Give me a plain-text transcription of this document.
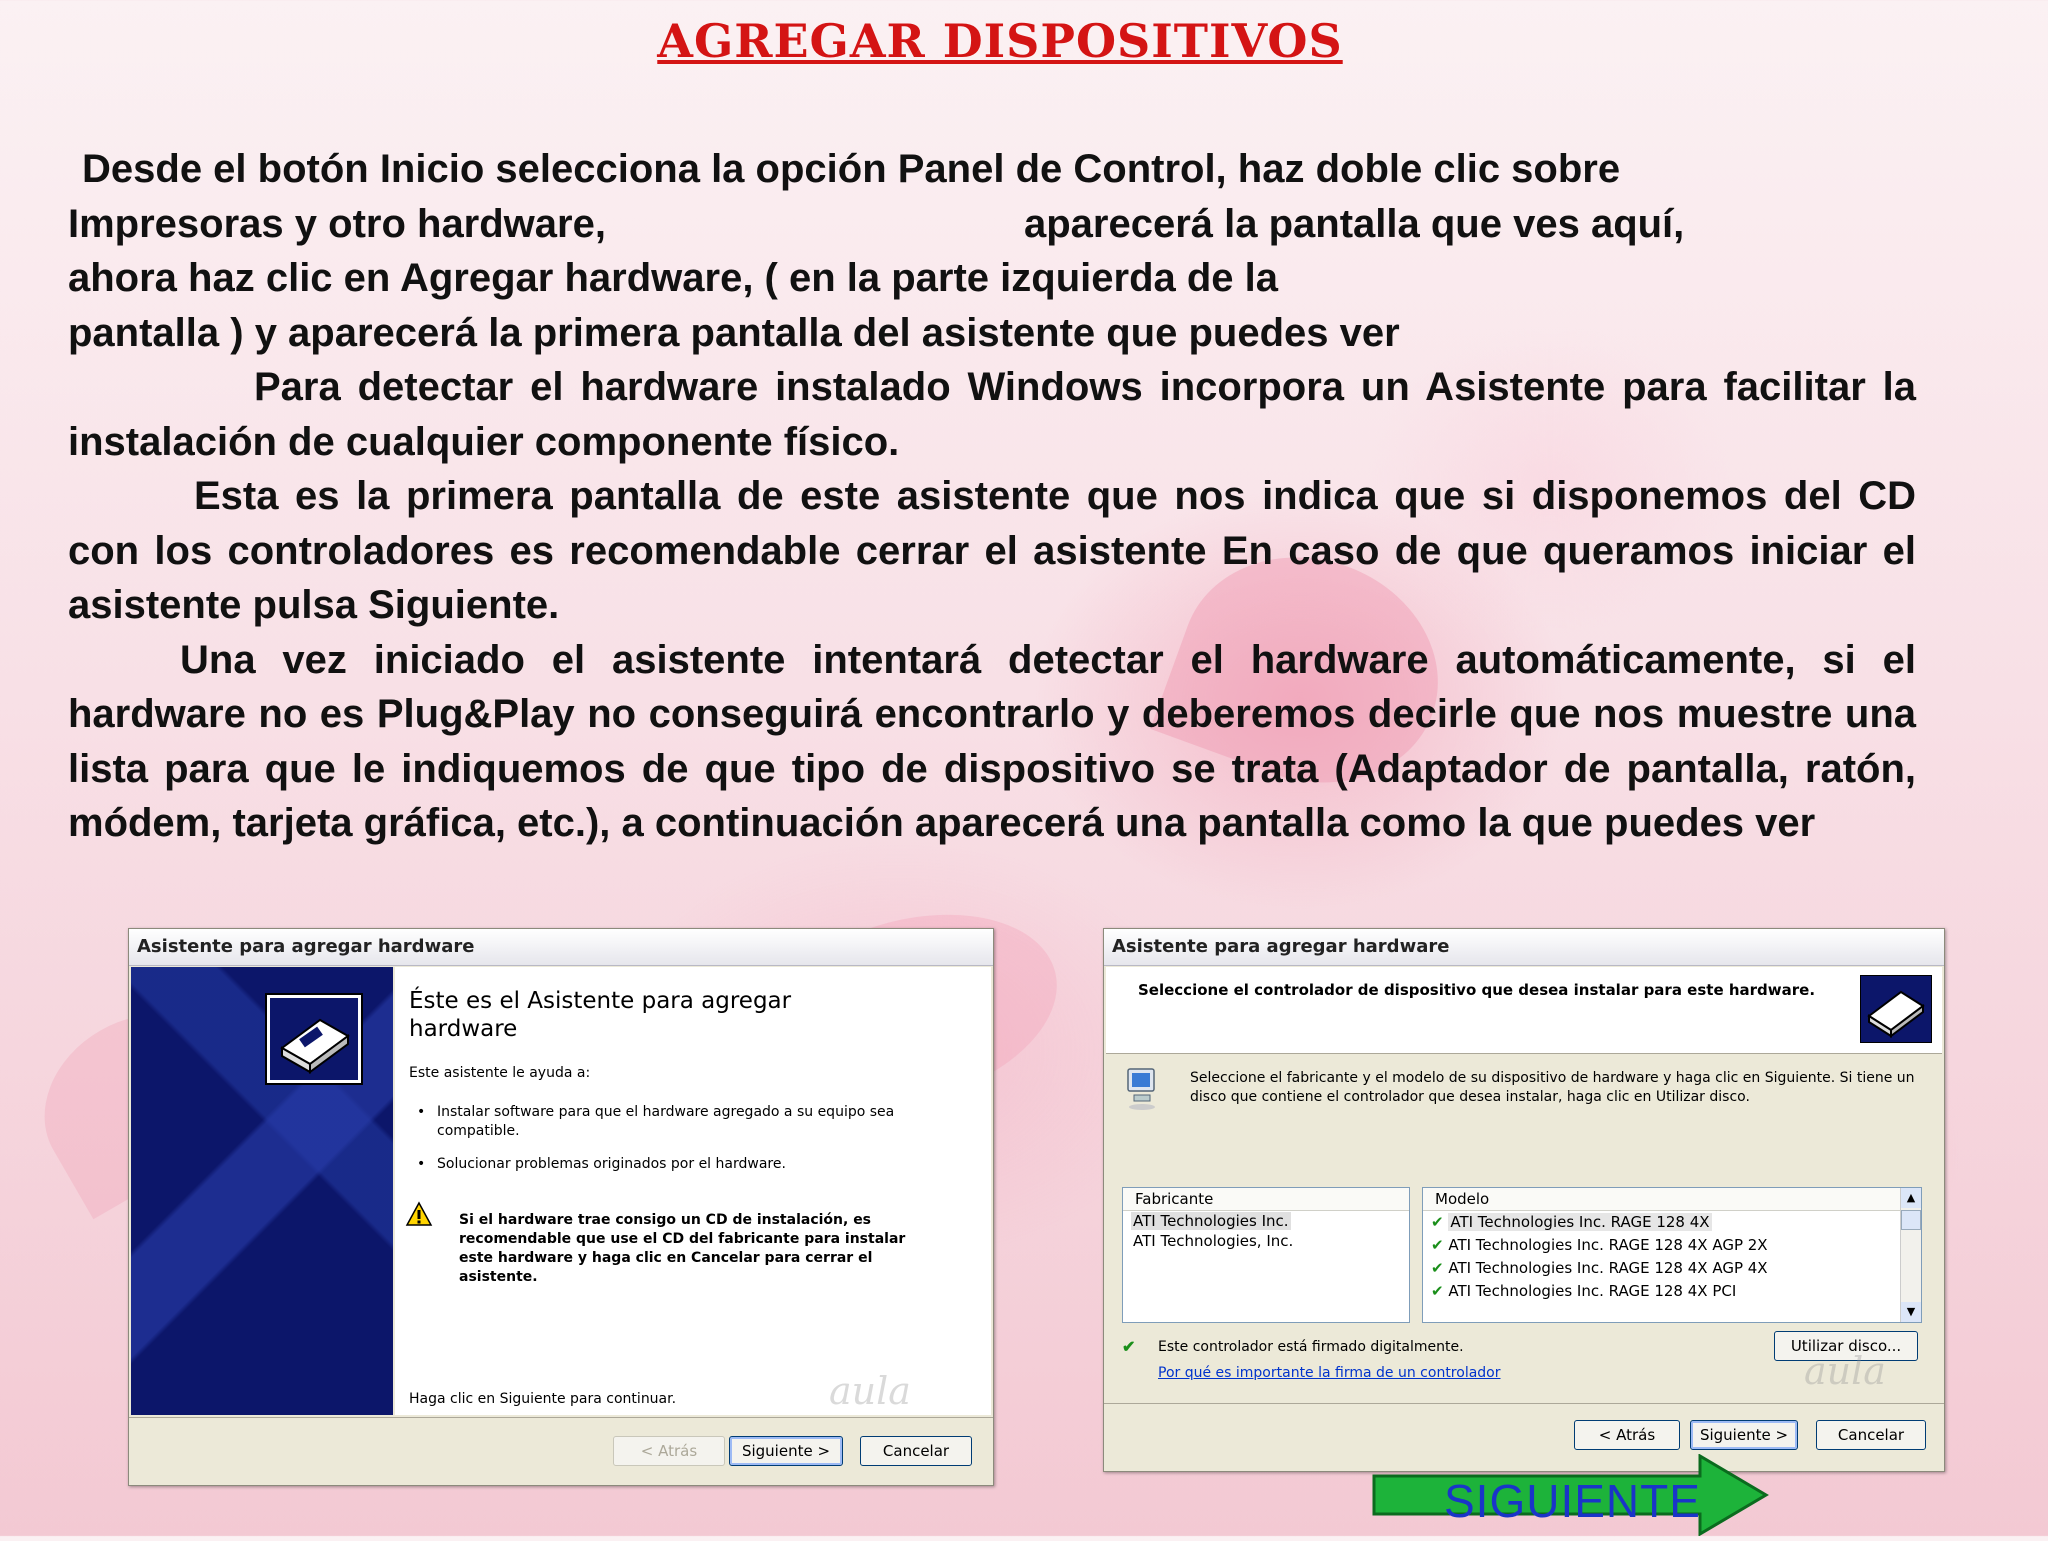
AGREGAR DISPOSITIVOS

Desde el botón Inicio selecciona la opción Panel de Control, haz doble clic sobre

Impresoras y otro hardware,	aparecerá la pantalla que ves aquí,

ahora haz clic en Agregar hardware, ( en la parte izquierda de la pantalla ) y aparecerá la primera pantalla del asistente que puedes ver

Para detectar el hardware instalado Windows incorpora un Asistente para facilitar la instalación de cualquier componente físico.

Esta es la primera pantalla de este asistente que nos indica que si disponemos del CD con los controladores es recomendable cerrar el asistente En caso de que queramos iniciar el asistente pulsa Siguiente.

Una vez iniciado el asistente intentará detectar el hardware automáticamente, si el hardware no es Plug&Play no conseguirá encontrarlo y deberemos decirle que nos muestre una lista para que le indiquemos de que tipo de dispositivo se trata (Adaptador de pantalla, ratón, módem, tarjeta gráfica, etc.), a continuación aparecerá una pantalla como la que puedes ver

Asistente para agregar hardware
Éste es el Asistente para agregar
hardware
Este asistente le ayuda a:
• Instalar software para que el hardware agregado a su equipo sea compatible.
• Solucionar problemas originados por el hardware.
Si el hardware trae consigo un CD de instalación, es recomendable que use el CD del fabricante para instalar este hardware y haga clic en Cancelar para cerrar el asistente.
Haga clic en Siguiente para continuar.	aula
< Atrás	Siguiente >	Cancelar
Asistente para agregar hardware
Seleccione el controlador de dispositivo que desea instalar para este hardware.
Seleccione el fabricante y el modelo de su dispositivo de hardware y haga clic en Siguiente. Si tiene un disco que contiene el controlador que desea instalar, haga clic en Utilizar disco.
Fabricante
ATI Technologies Inc.
ATI Technologies, Inc.
Modelo
✔ ATI Technologies Inc. RAGE 128 4X
✔ ATI Technologies Inc. RAGE 128 4X AGP 2X
✔ ATI Technologies Inc. RAGE 128 4X AGP 4X
✔ ATI Technologies Inc. RAGE 128 4X PCI
▲
▼
✔ Este controlador está firmado digitalmente.
Por qué es importante la firma de un controlador
Utilizar disco...
aula
< Atrás	Siguiente >	Cancelar
SIGUIENTE
